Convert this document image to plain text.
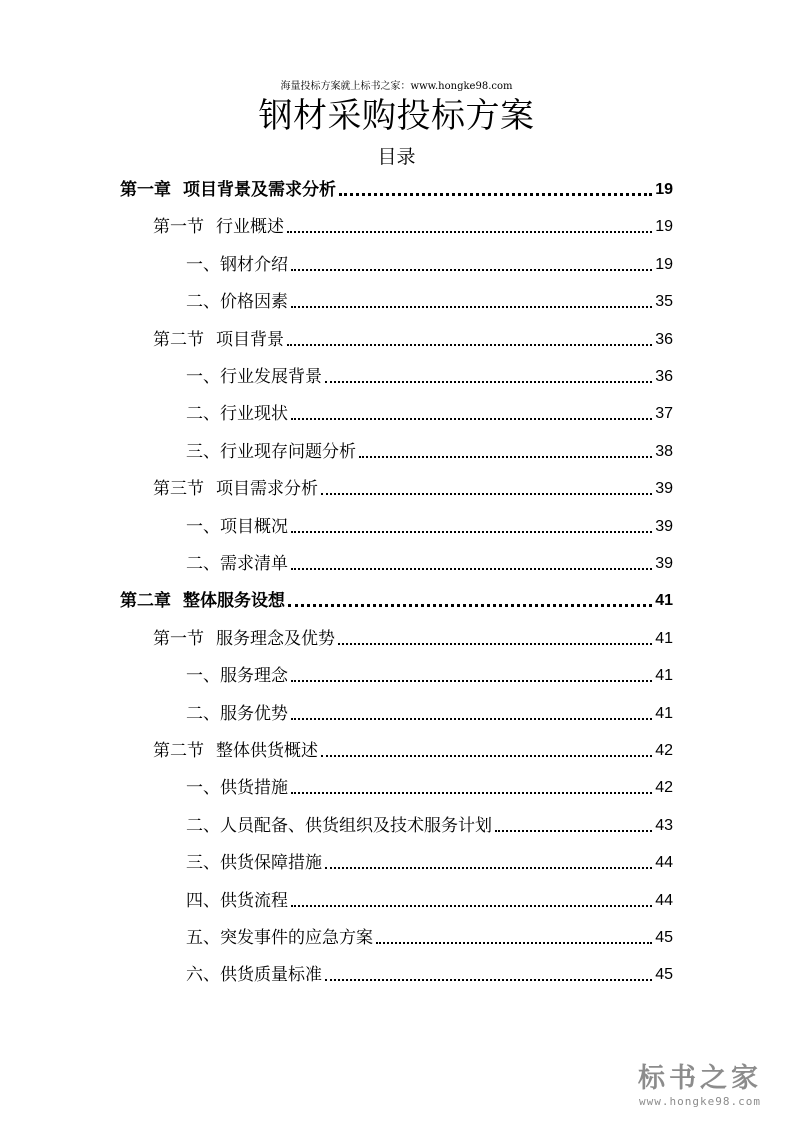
海量投标方案就上标书之家：www.hongke98.com
钢材采购投标方案
目录
第一章 项目背景及需求分析	19
第一节 行业概述	19
一、钢材介绍	19
二、价格因素	35
第二节 项目背景	36
一、行业发展背景	36
二、行业现状	37
三、行业现存问题分析	38
第三节 项目需求分析	39
一、项目概况	39
二、需求清单	39
第二章 整体服务设想	41
第一节 服务理念及优势	41
一、服务理念	41
二、服务优势	41
第二节 整体供货概述	42
一、供货措施	42
二、人员配备、供货组织及技术服务计划	43
三、供货保障措施	44
四、供货流程	44
五、突发事件的应急方案	45
六、供货质量标准	45
标书之家
www.hongke98.com
